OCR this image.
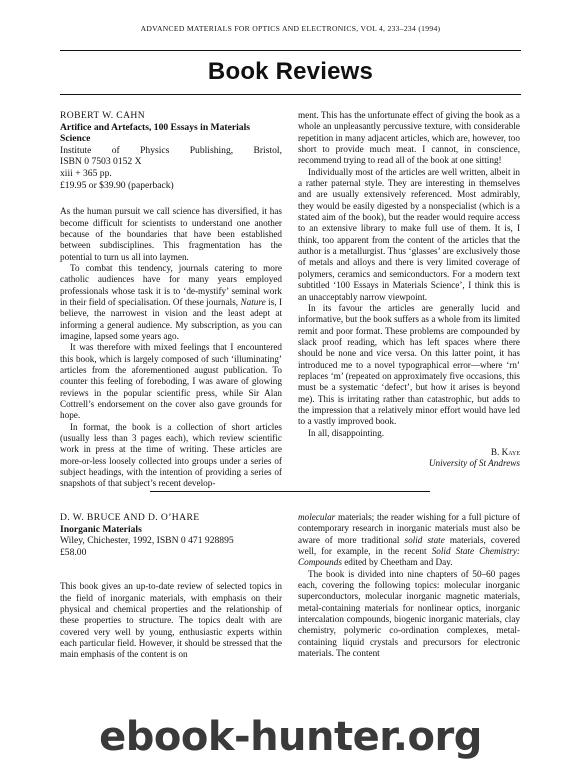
ADVANCED MATERIALS FOR OPTICS AND ELECTRONICS, VOL 4, 233–234 (1994)
Book Reviews
ROBERT W. CAHN
Artifice and Artefacts, 100 Essays in Materials Science
Institute of Physics Publishing, Bristol,
ISBN 0 7503 0152 X
xiii + 365 pp.
£19.95 or $39.90 (paperback)

As the human pursuit we call science has diversified, it has become difficult for scientists to understand one another because of the boundaries that have been established between subdisciplines. This fragmentation has the potential to turn us all into laymen.

To combat this tendency, journals catering to more catholic audiences have for many years employed professionals whose task it is to ‘de-mystify’ seminal work in their field of specialisation. Of these journals, Nature is, I believe, the narrowest in vision and the least adept at informing a general audience. My subscription, as you can imagine, lapsed some years ago.

It was therefore with mixed feelings that I encountered this book, which is largely composed of such ‘illuminating’ articles from the aforementioned august publication. To counter this feeling of foreboding, I was aware of glowing reviews in the popular scientific press, while Sir Alan Cottrell’s endorsement on the cover also gave grounds for hope.

In format, the book is a collection of short articles (usually less than 3 pages each), which review scientific work in press at the time of writing. These articles are more-or-less loosely collected into groups under a series of subject headings, with the intention of providing a series of snapshots of that subject’s recent develop-

ment. This has the unfortunate effect of giving the book as a whole an unpleasantly percussive texture, with considerable repetition in many adjacent articles, which are, however, too short to provide much meat. I cannot, in conscience, recommend trying to read all of the book at one sitting!

Individually most of the articles are well written, albeit in a rather paternal style. They are interesting in themselves and are usually extensively referenced. Most admirably, they would be easily digested by a nonspecialist (which is a stated aim of the book), but the reader would require access to an extensive library to make full use of them. It is, I think, too apparent from the content of the articles that the author is a metallurgist. Thus ‘glasses’ are exclusively those of metals and alloys and there is very limited coverage of polymers, ceramics and semiconductors. For a modern text subtitled ‘100 Essays in Materials Science’, I think this is an unacceptably narrow viewpoint.

In its favour the articles are generally lucid and informative, but the book suffers as a whole from its limited remit and poor format. These problems are compounded by slack proof reading, which has left spaces where there should be none and vice versa. On this latter point, it has introduced me to a novel typographical error—where ‘rn’ replaces ‘m’ (repeated on approximately five occasions, this must be a systematic ‘defect’, but how it arises is beyond me). This is irritating rather than catastrophic, but adds to the impression that a relatively minor effort would have led to a vastly improved book.

In all, disappointing.

B. Kaye
University of St Andrews
D. W. BRUCE AND D. O’HARE
Inorganic Materials
Wiley, Chichester, 1992, ISBN 0 471 928895
£58.00

This book gives an up-to-date review of selected topics in the field of inorganic materials, with emphasis on their physical and chemical properties and the relationship of these properties to structure. The topics dealt with are covered very well by young, enthusiastic experts within each particular field. However, it should be stressed that the main emphasis of the content is on

molecular materials; the reader wishing for a full picture of contemporary research in inorganic materials must also be aware of more traditional solid state materials, covered well, for example, in the recent Solid State Chemistry: Compounds edited by Cheetham and Day.

The book is divided into nine chapters of 50–60 pages each, covering the following topics: molecular inorganic superconductors, molecular inorganic magnetic materials, metal-containing materials for nonlinear optics, inorganic intercalation compounds, biogenic inorganic materials, clay chemistry, polymeric co-ordination complexes, metal-containing liquid crystals and precursors for electronic materials. The content

ebook-hunter.org
